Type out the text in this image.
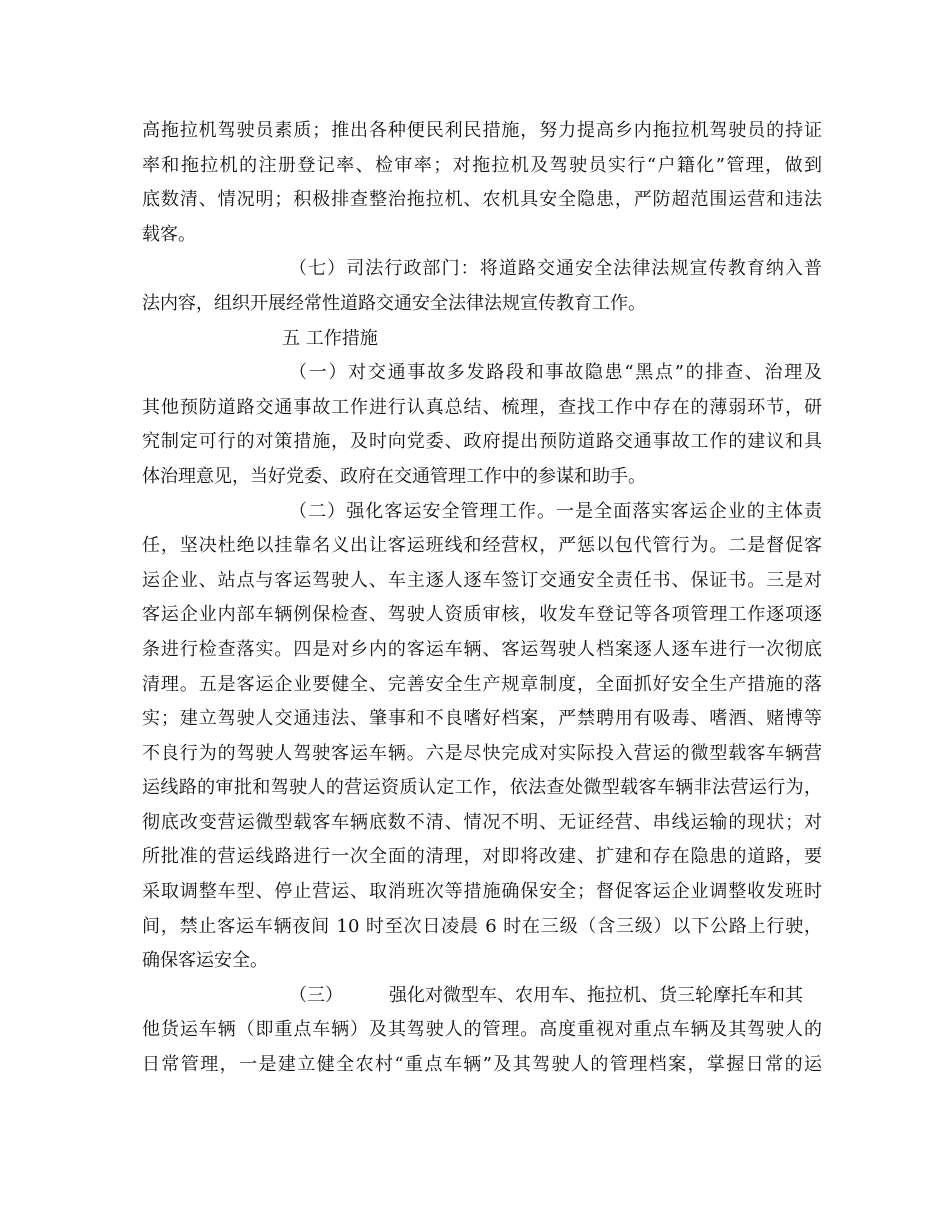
高拖拉机驾驶员素质；推出各种便民利民措施，努力提高乡内拖拉机驾驶员的持证
率和拖拉机的注册登记率、检审率；对拖拉机及驾驶员实行“户籍化”管理，做到
底数清、情况明；积极排查整治拖拉机、农机具安全隐患，严防超范围运营和违法
载客。
（七）司法行政部门：将道路交通安全法律法规宣传教育纳入普
法内容，组织开展经常性道路交通安全法律法规宣传教育工作。
五 工作措施
（一）对交通事故多发路段和事故隐患“黑点”的排查、治理及
其他预防道路交通事故工作进行认真总结、梳理，查找工作中存在的薄弱环节，研
究制定可行的对策措施，及时向党委、政府提出预防道路交通事故工作的建议和具
体治理意见，当好党委、政府在交通管理工作中的参谋和助手。
（二）强化客运安全管理工作。一是全面落实客运企业的主体责
任，坚决杜绝以挂靠名义出让客运班线和经营权，严惩以包代管行为。二是督促客
运企业、站点与客运驾驶人、车主逐人逐车签订交通安全责任书、保证书。三是对
客运企业内部车辆例保检查、驾驶人资质审核，收发车登记等各项管理工作逐项逐
条进行检查落实。四是对乡内的客运车辆、客运驾驶人档案逐人逐车进行一次彻底
清理。五是客运企业要健全、完善安全生产规章制度，全面抓好安全生产措施的落
实；建立驾驶人交通违法、肇事和不良嗜好档案，严禁聘用有吸毒、嗜酒、赌博等
不良行为的驾驶人驾驶客运车辆。六是尽快完成对实际投入营运的微型载客车辆营
运线路的审批和驾驶人的营运资质认定工作，依法查处微型载客车辆非法营运行为，
彻底改变营运微型载客车辆底数不清、情况不明、无证经营、串线运输的现状；对
所批准的营运线路进行一次全面的清理，对即将改建、扩建和存在隐患的道路，要
采取调整车型、停止营运、取消班次等措施确保安全；督促客运企业调整收发班时
间，禁止客运车辆夜间 10 时至次日凌晨 6 时在三级（含三级）以下公路上行驶，
确保客运安全。
（三）	强化对微型车、农用车、拖拉机、货三轮摩托车和其
他货运车辆（即重点车辆）及其驾驶人的管理。高度重视对重点车辆及其驾驶人的
日常管理，一是建立健全农村“重点车辆”及其驾驶人的管理档案，掌握日常的运
